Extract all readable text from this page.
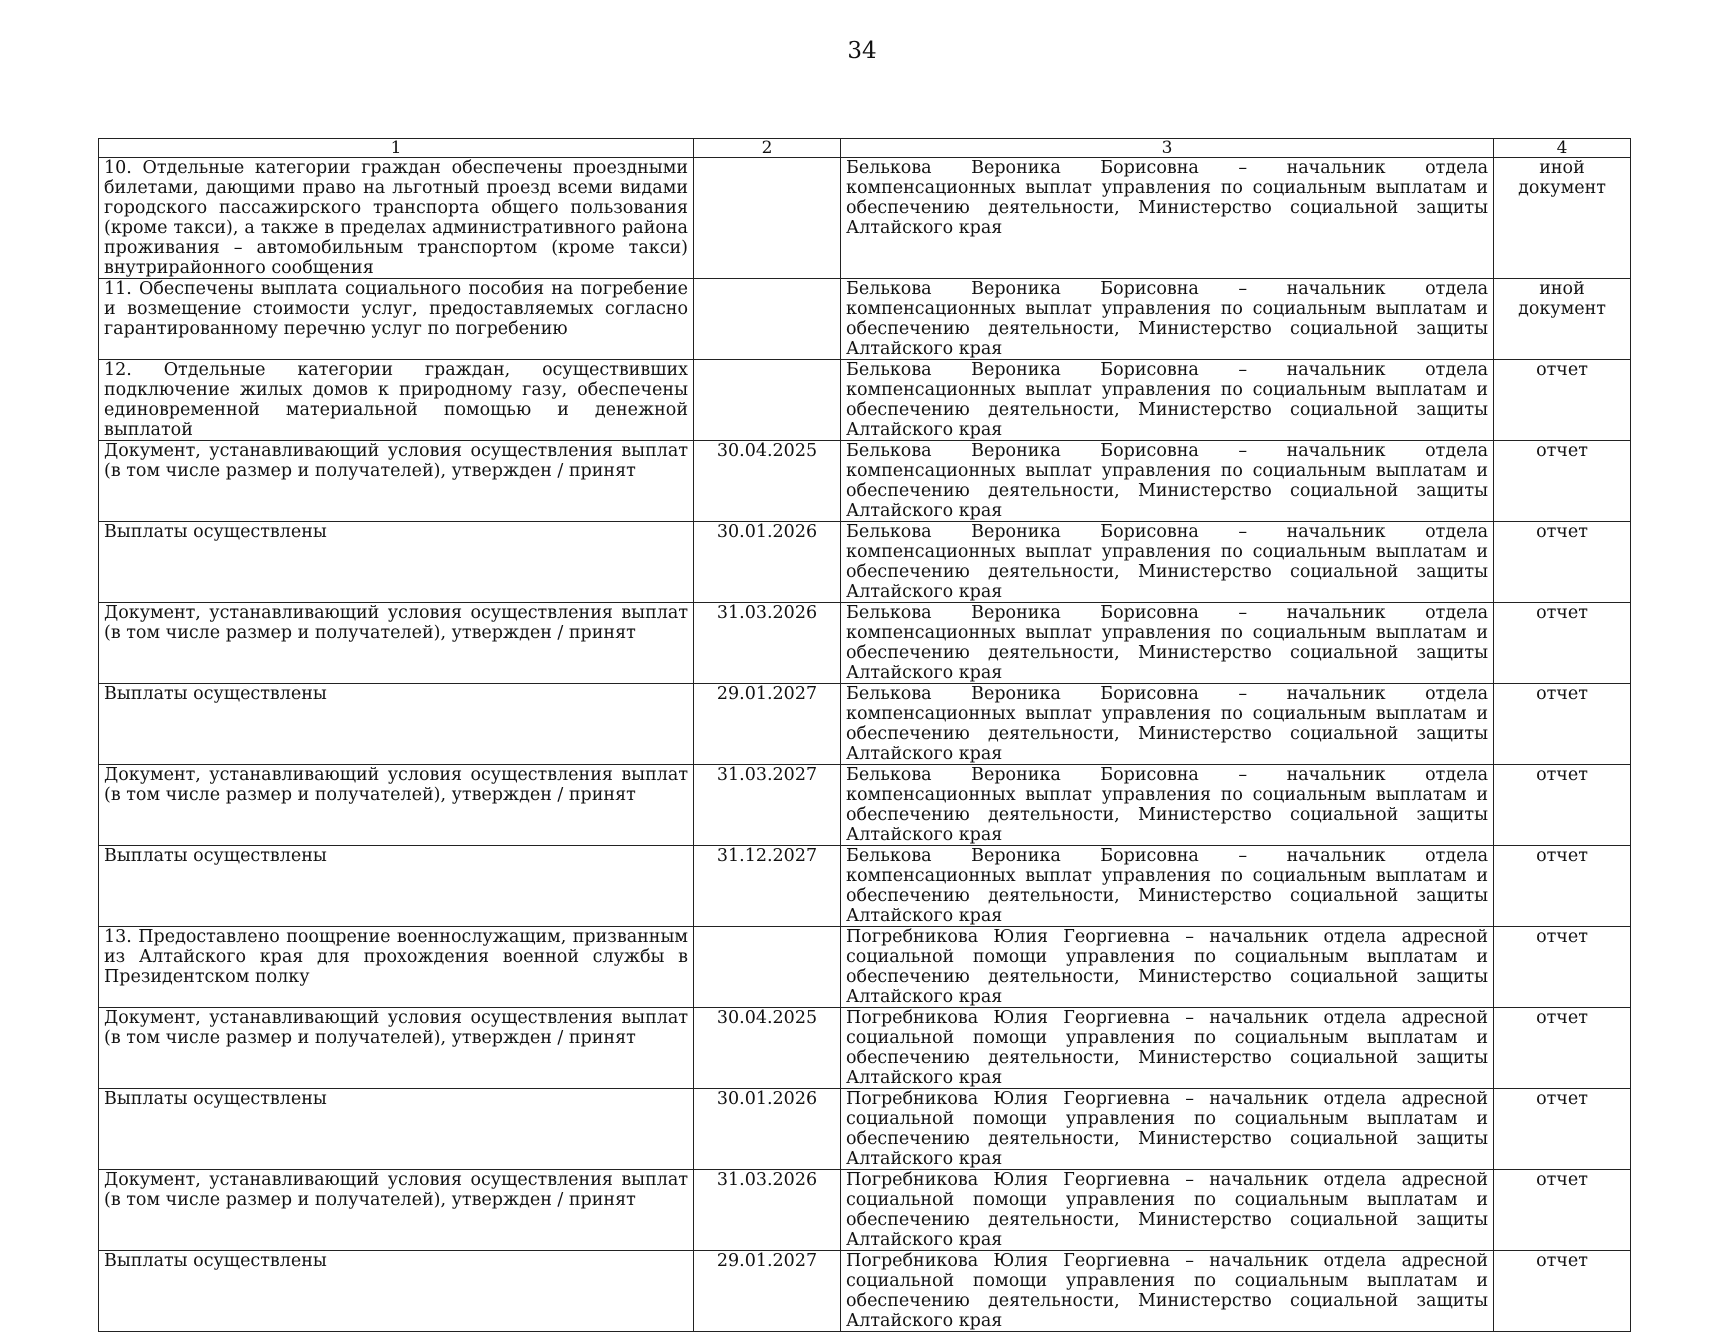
34
1	2	3	4
10. Отдельные категории граждан обеспечены проездными билетами, дающими право на льготный проезд всеми видами городского пассажирского транспорта общего пользования (кроме такси), а также в пределах административного района проживания – автомобильным транспортом (кроме такси) внутрирайонного сообщения		Белькова Вероника Борисовна – начальник отдела компенсационных выплат управления по социальным выплатам и обеспечению деятельности, Министерство социальной защиты Алтайского края	иной документ
11. Обеспечены выплата социального пособия на погребение и возмещение стоимости услуг, предоставляемых согласно гарантированному перечню услуг по погребению		Белькова Вероника Борисовна – начальник отдела компенсационных выплат управления по социальным выплатам и обеспечению деятельности, Министерство социальной защиты Алтайского края	иной документ
12. Отдельные категории граждан, осуществивших подключение жилых домов к природному газу, обеспечены единовременной материальной помощью и денежной выплатой		Белькова Вероника Борисовна – начальник отдела компенсационных выплат управления по социальным выплатам и обеспечению деятельности, Министерство социальной защиты Алтайского края	отчет
Документ, устанавливающий условия осуществления выплат (в том числе размер и получателей), утвержден / принят	30.04.2025	Белькова Вероника Борисовна – начальник отдела компенсационных выплат управления по социальным выплатам и обеспечению деятельности, Министерство социальной защиты Алтайского края	отчет
Выплаты осуществлены	30.01.2026	Белькова Вероника Борисовна – начальник отдела компенсационных выплат управления по социальным выплатам и обеспечению деятельности, Министерство социальной защиты Алтайского края	отчет
Документ, устанавливающий условия осуществления выплат (в том числе размер и получателей), утвержден / принят	31.03.2026	Белькова Вероника Борисовна – начальник отдела компенсационных выплат управления по социальным выплатам и обеспечению деятельности, Министерство социальной защиты Алтайского края	отчет
Выплаты осуществлены	29.01.2027	Белькова Вероника Борисовна – начальник отдела компенсационных выплат управления по социальным выплатам и обеспечению деятельности, Министерство социальной защиты Алтайского края	отчет
Документ, устанавливающий условия осуществления выплат (в том числе размер и получателей), утвержден / принят	31.03.2027	Белькова Вероника Борисовна – начальник отдела компенсационных выплат управления по социальным выплатам и обеспечению деятельности, Министерство социальной защиты Алтайского края	отчет
Выплаты осуществлены	31.12.2027	Белькова Вероника Борисовна – начальник отдела компенсационных выплат управления по социальным выплатам и обеспечению деятельности, Министерство социальной защиты Алтайского края	отчет
13. Предоставлено поощрение военнослужащим, призванным из Алтайского края для прохождения военной службы в Президентском полку		Погребникова Юлия Георгиевна – начальник отдела адресной социальной помощи управления по социальным выплатам и обеспечению деятельности, Министерство социальной защиты Алтайского края	отчет
Документ, устанавливающий условия осуществления выплат (в том числе размер и получателей), утвержден / принят	30.04.2025	Погребникова Юлия Георгиевна – начальник отдела адресной социальной помощи управления по социальным выплатам и обеспечению деятельности, Министерство социальной защиты Алтайского края	отчет
Выплаты осуществлены	30.01.2026	Погребникова Юлия Георгиевна – начальник отдела адресной социальной помощи управления по социальным выплатам и обеспечению деятельности, Министерство социальной защиты Алтайского края	отчет
Документ, устанавливающий условия осуществления выплат (в том числе размер и получателей), утвержден / принят	31.03.2026	Погребникова Юлия Георгиевна – начальник отдела адресной социальной помощи управления по социальным выплатам и обеспечению деятельности, Министерство социальной защиты Алтайского края	отчет
Выплаты осуществлены	29.01.2027	Погребникова Юлия Георгиевна – начальник отдела адресной социальной помощи управления по социальным выплатам и обеспечению деятельности, Министерство социальной защиты Алтайского края	отчет
